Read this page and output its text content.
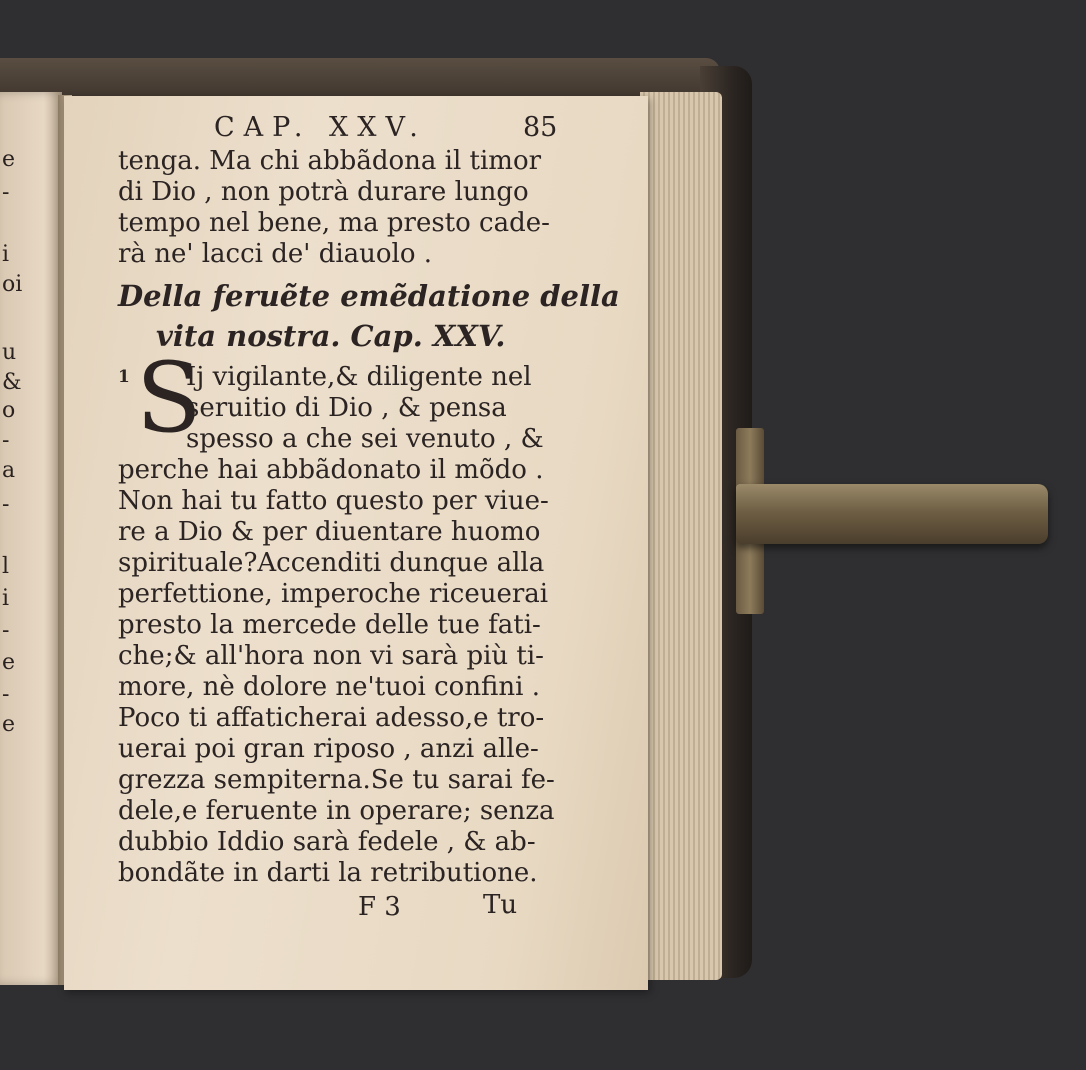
e
-
i
oi
u
&
o
-
a
-
l
i
-
e
-
e
CAP. XXV.	85
tenga. Ma chi abbãdona il timor
di Dio , non potrà durare lungo
tempo nel bene, ma presto cade-
rà ne' lacci de' diauolo .
Della feruẽte emẽdatione della
vita nostra. Cap. XXV.
1 S
Ij vigilante,& diligente nel
seruitio di Dio , & pensa
spesso a che sei venuto , &
perche hai abbãdonato il mõdo .
Non hai tu fatto questo per viue-
re a Dio & per diuentare huomo
spirituale?Accenditi dunque alla
perfettione, imperoche riceuerai
presto la mercede delle tue fati-
che;& all'hora non vi sarà più ti-
more, nè dolore ne'tuoi confini .
Poco ti affaticherai adesso,e tro-
uerai poi gran riposo , anzi alle-
grezza sempiterna.Se tu sarai fe-
dele,e feruente in operare; senza
dubbio Iddio sarà fedele , & ab-
bondãte in darti la retributione.
F 3	Tu
